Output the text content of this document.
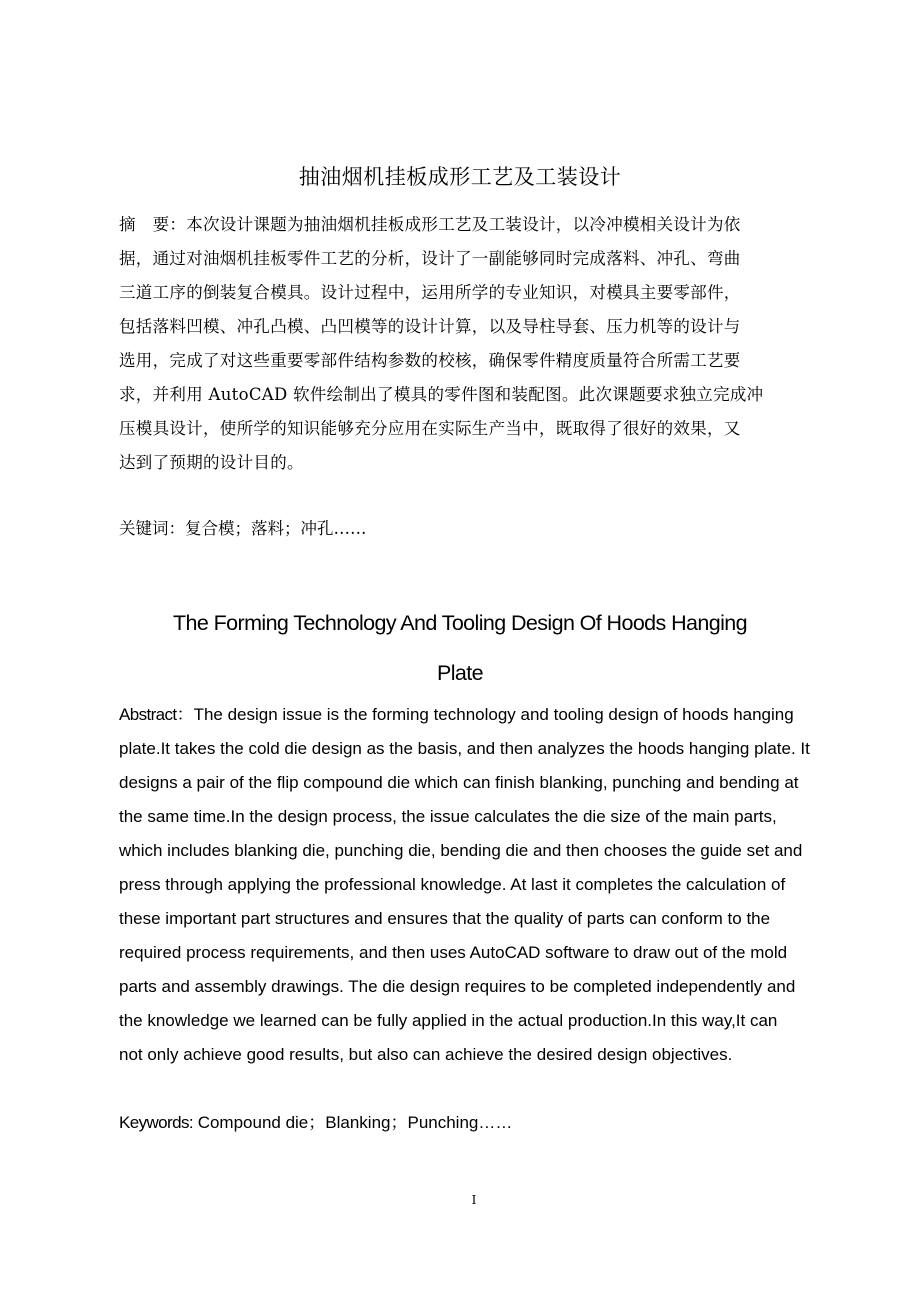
抽油烟机挂板成形工艺及工装设计
摘　要：本次设计课题为抽油烟机挂板成形工艺及工装设计，以冷冲模相关设计为依
据，通过对油烟机挂板零件工艺的分析，设计了一副能够同时完成落料、冲孔、弯曲
三道工序的倒装复合模具。设计过程中，运用所学的专业知识，对模具主要零部件，
包括落料凹模、冲孔凸模、凸凹模等的设计计算，以及导柱导套、压力机等的设计与
选用，完成了对这些重要零部件结构参数的校核，确保零件精度质量符合所需工艺要
求，并利用 AutoCAD 软件绘制出了模具的零件图和装配图。此次课题要求独立完成冲
压模具设计，使所学的知识能够充分应用在实际生产当中，既取得了很好的效果，又
达到了预期的设计目的。
关键词：复合模；落料；冲孔……
The Forming Technology And Tooling Design Of Hoods Hanging
Plate
Abstract：The design issue is the forming technology and tooling design of hoods hanging
plate.It takes the cold die design as the basis, and then analyzes the hoods hanging plate. It
designs a pair of the flip compound die which can finish blanking, punching and bending at
the same time.In the design process, the issue calculates the die size of the main parts,
which includes blanking die, punching die, bending die and then chooses the guide set and
press through applying the professional knowledge. At last it completes the calculation of
these important part structures and ensures that the quality of parts can conform to the
required process requirements, and then uses AutoCAD software to draw out of the mold
parts and assembly drawings. The die design requires to be completed independently and
the knowledge we learned can be fully applied in the actual production.In this way,It can
not only achieve good results, but also can achieve the desired design objectives.
Keywords: Compound die；Blanking；Punching……
I
